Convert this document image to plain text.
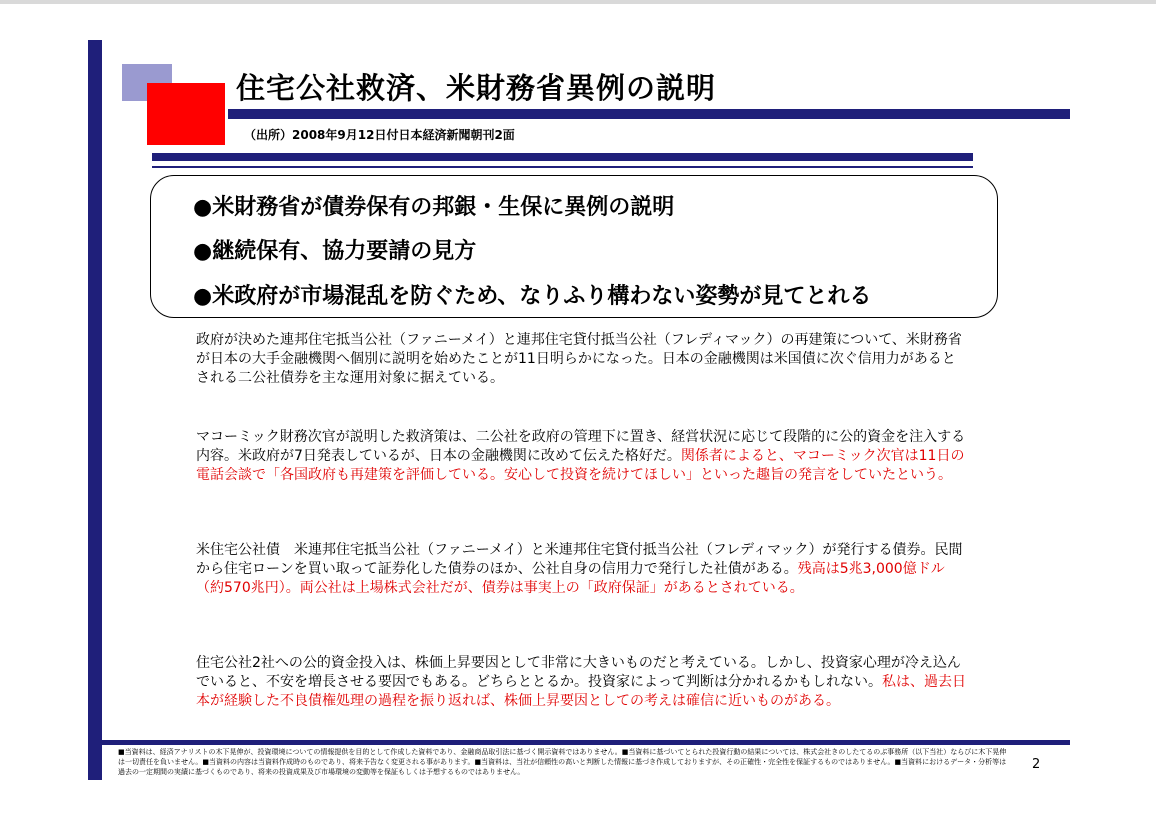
住宅公社救済、米財務省異例の説明
（出所）2008年9月12日付日本経済新聞朝刊2面
●米財務省が債券保有の邦銀・生保に異例の説明
●継続保有、協力要請の見方
●米政府が市場混乱を防ぐため、なりふり構わない姿勢が見てとれる
政府が決めた連邦住宅抵当公社（ファニーメイ）と連邦住宅貸付抵当公社（フレディマック）の再建策について、米財務省が日本の大手金融機関へ個別に説明を始めたことが11日明らかになった。日本の金融機関は米国債に次ぐ信用力があるとされる二公社債券を主な運用対象に据えている。
マコーミック財務次官が説明した救済策は、二公社を政府の管理下に置き、経営状況に応じて段階的に公的資金を注入する内容。米政府が7日発表しているが、日本の金融機関に改めて伝えた格好だ。関係者によると、マコーミック次官は11日の電話会談で「各国政府も再建策を評価している。安心して投資を続けてほしい」といった趣旨の発言をしていたという。
米住宅公社債　米連邦住宅抵当公社（ファニーメイ）と米連邦住宅貸付抵当公社（フレディマック）が発行する債券。民間から住宅ローンを買い取って証券化した債券のほか、公社自身の信用力で発行した社債がある。残高は5兆3,000億ドル（約570兆円）。両公社は上場株式会社だが、債券は事実上の「政府保証」があるとされている。
住宅公社2社への公的資金投入は、株価上昇要因として非常に大きいものだと考えている。しかし、投資家心理が冷え込んでいると、不安を増長させる要因でもある。どちらととるか。投資家によって判断は分かれるかもしれない。私は、過去日本が経験した不良債権処理の過程を振り返れば、株価上昇要因としての考えは確信に近いものがある。
■当資料は、経済アナリストの木下晃伸が、投資環境についての情報提供を目的として作成した資料であり、金融商品取引法に基づく開示資料ではありません。■当資料に基づいてとられた投資行動の結果については、株式会社きのしたてるのぶ事務所（以下当社）ならびに木下晃伸は一切責任を負いません。■当資料の内容は当資料作成時のものであり、将来予告なく変更される事があります。■当資料は、当社が信頼性の高いと判断した情報に基づき作成しておりますが、その正確性・完全性を保証するものではありません。■当資料におけるデータ・分析等は過去の一定期間の実績に基づくものであり、将来の投資成果及び市場環境の変動等を保証もしくは予想するものではありません。	2
